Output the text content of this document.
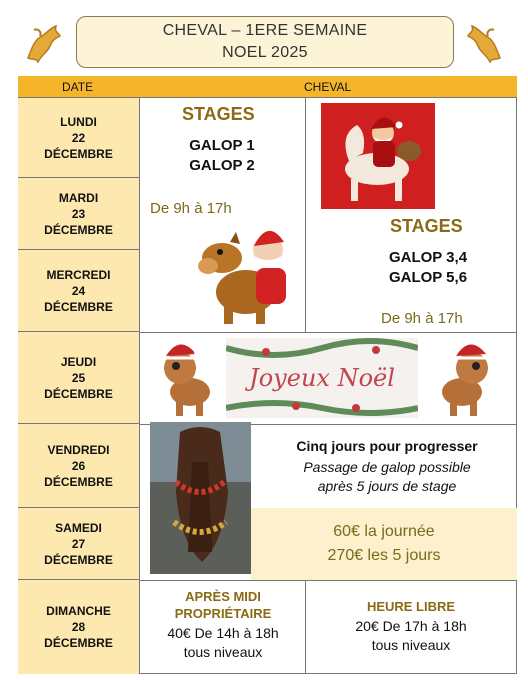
CHEVAL – 1ERE SEMAINE
NOEL 2025
DATE	CHEVAL
LUNDI
22
DÉCEMBRE
MARDI
23
DÉCEMBRE
MERCREDI
24
DÉCEMBRE
JEUDI
25
DÉCEMBRE
VENDREDI
26
DÉCEMBRE
SAMEDI
27
DÉCEMBRE
DIMANCHE
28
DÉCEMBRE
STAGES
GALOP 1
GALOP 2
De 9h à 17h
STAGES
GALOP 3,4
GALOP 5,6
De 9h à 17h
Joyeux Noël
Cinq jours pour progresser
Passage de galop possible
après 5 jours de stage
60€ la journée
270€ les 5 jours
APRÈS MIDI
PROPRIÉTAIRE
40€ De 14h à 18h
tous niveaux
HEURE LIBRE
20€ De 17h à 18h
tous niveaux
